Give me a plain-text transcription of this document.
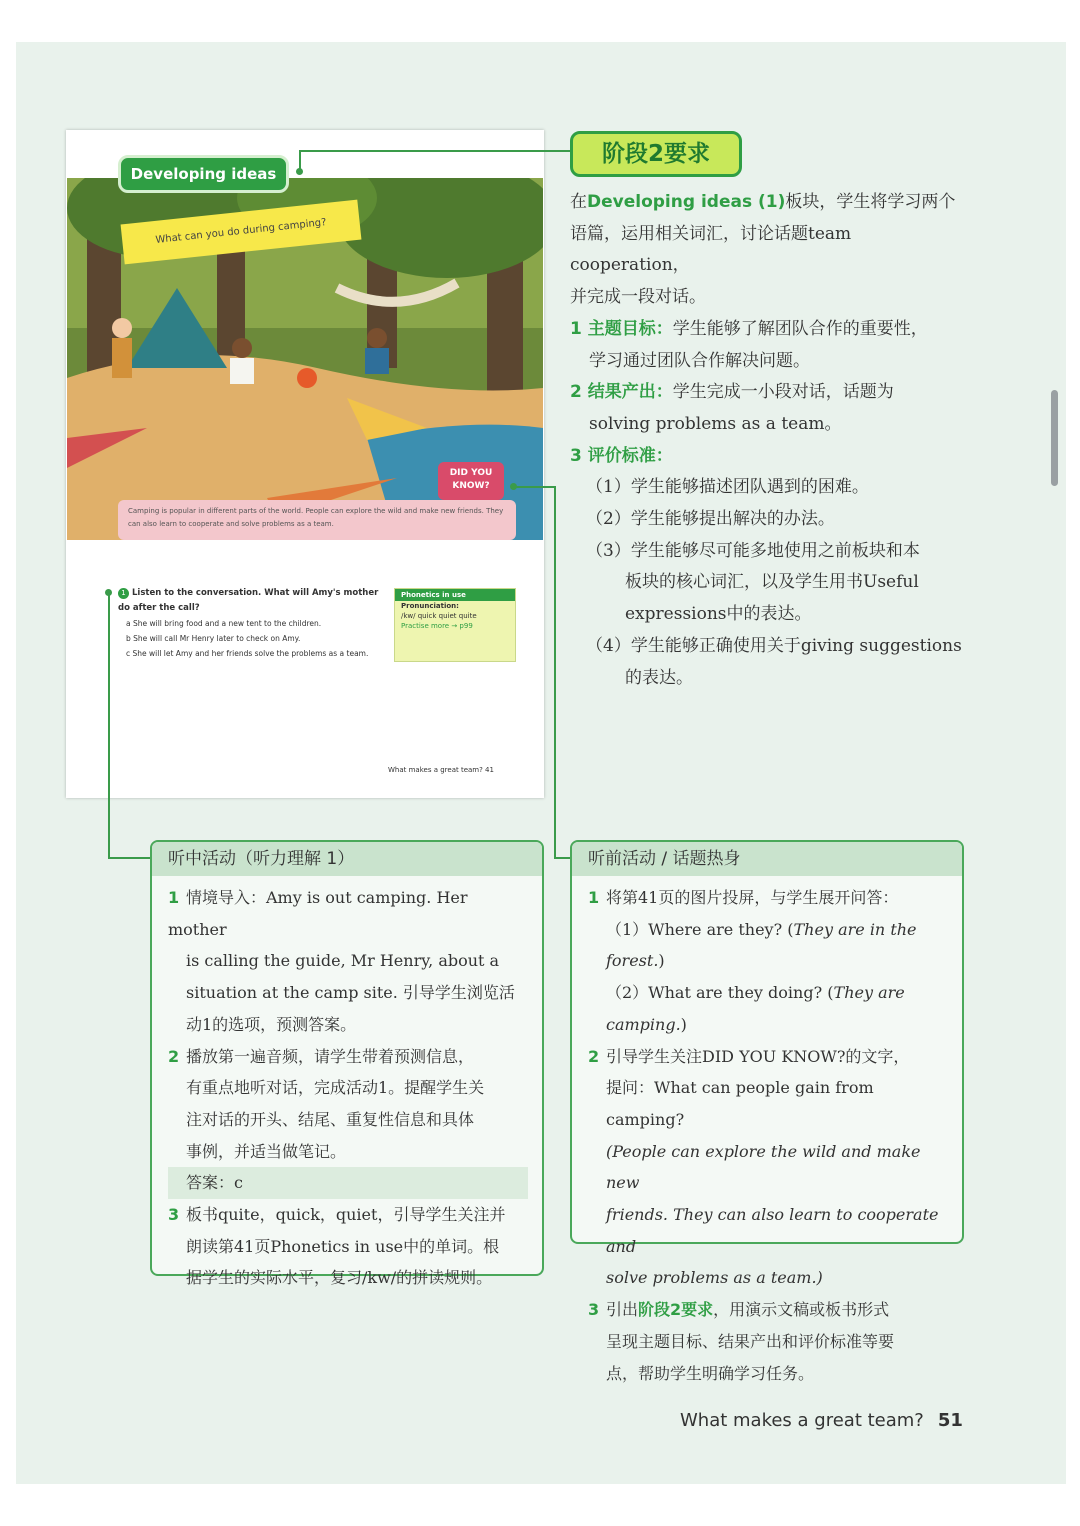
What can you do during camping?
Developing ideas
DID YOU KNOW?
Camping is popular in different parts of the world. People can explore the wild and make new friends. They can also learn to cooperate and solve problems as a team.
1 Listen to the conversation. What will Amy's mother do after the call?
a She will bring food and a new tent to the children.
b She will call Mr Henry later to check on Amy.
c She will let Amy and her friends solve the problems as a team.
Phonetics in use
Pronunciation:
/kw/ quick quiet quite
Practise more → p99
What makes a great team? 41
阶段2要求

在Developing ideas (1)板块，学生将学习两个

语篇，运用相关词汇，讨论话题team cooperation，

并完成一段对话。

1 主题目标：学生能够了解团队合作的重要性，

学习通过团队合作解决问题。

2 结果产出：学生完成一小段对话，话题为

solving problems as a team。

3 评价标准：

（1）学生能够描述团队遇到的困难。

（2）学生能够提出解决的办法。

（3）学生能够尽可能多地使用之前板块和本

板块的核心词汇，以及学生用书Useful

expressions中的表达。

（4）学生能够正确使用关于giving suggestions

的表达。

听中活动（听力理解 1）

1 情境导入：Amy is out camping. Her mother

is calling the guide, Mr Henry, about a

situation at the camp site. 引导学生浏览活

动1的选项，预测答案。

2 播放第一遍音频，请学生带着预测信息，

有重点地听对话，完成活动1。提醒学生关

注对话的开头、结尾、重复性信息和具体

事例，并适当做笔记。

答案：c

3 板书quite，quick，quiet，引导学生关注并

朗读第41页Phonetics in use中的单词。根

据学生的实际水平，复习/kw/的拼读规则。

听前活动 / 话题热身

1 将第41页的图片投屏，与学生展开问答：

（1）Where are they? (They are in the forest.)

（2）What are they doing? (They are camping.)

2 引导学生关注DID YOU KNOW?的文字，

提问：What can people gain from camping?

(People can explore the wild and make new

friends. They can also learn to cooperate and

solve problems as a team.)

3 引出阶段2要求，用演示文稿或板书形式

呈现主题目标、结果产出和评价标准等要

点，帮助学生明确学习任务。

What makes a great team? 51
